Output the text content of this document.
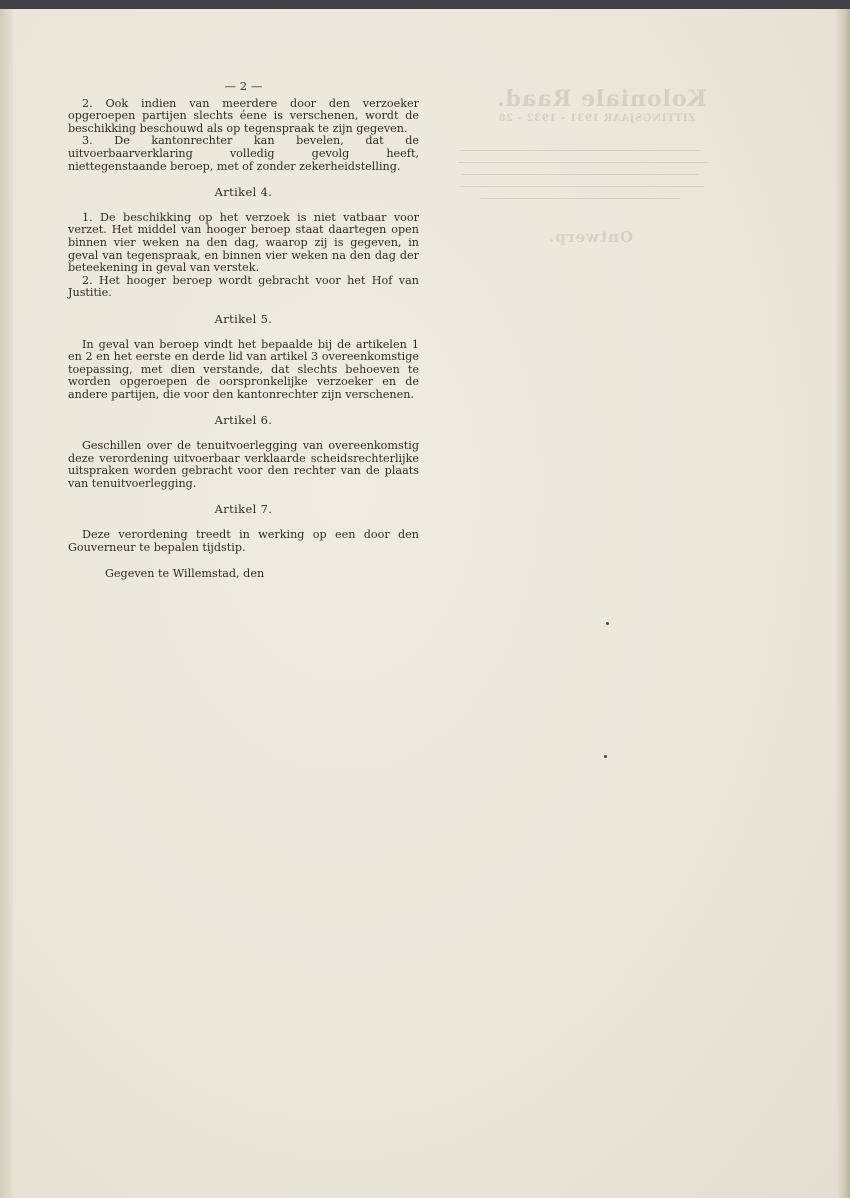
Koloniale Raad.
ZITTINGSJAAR 1931 - 1932 - 28
Ontwerp.

— 2 —

2. Ook indien van meerdere door den verzoeker opgeroepen partijen slechts éene is verschenen, wordt de beschikking beschouwd als op tegenspraak te zijn gegeven.

3. De kantonrechter kan bevelen, dat de uitvoerbaarverklaring volledig gevolg heeft, niettegenstaande beroep, met of zonder zekerheidstelling.

Artikel 4.

1. De beschikking op het verzoek is niet vatbaar voor verzet. Het middel van hooger beroep staat daartegen open binnen vier weken na den dag, waarop zij is gegeven, in geval van tegenspraak, en binnen vier weken na den dag der beteekening in geval van verstek.

2. Het hooger beroep wordt gebracht voor het Hof van Justitie.

Artikel 5.

In geval van beroep vindt het bepaalde bij de artikelen 1 en 2 en het eerste en derde lid van artikel 3 overeenkomstige toepassing, met dien verstande, dat slechts behoeven te worden opgeroepen de oorspronkelijke verzoeker en de andere partijen, die voor den kantonrechter zijn verschenen.

Artikel 6.

Geschillen over de tenuitvoerlegging van overeenkomstig deze verordening uitvoerbaar verklaarde scheidsrechterlijke uitspraken worden gebracht voor den rechter van de plaats van tenuitvoerlegging.

Artikel 7.

Deze verordening treedt in werking op een door den Gouverneur te bepalen tijdstip.

Gegeven te Willemstad, den
